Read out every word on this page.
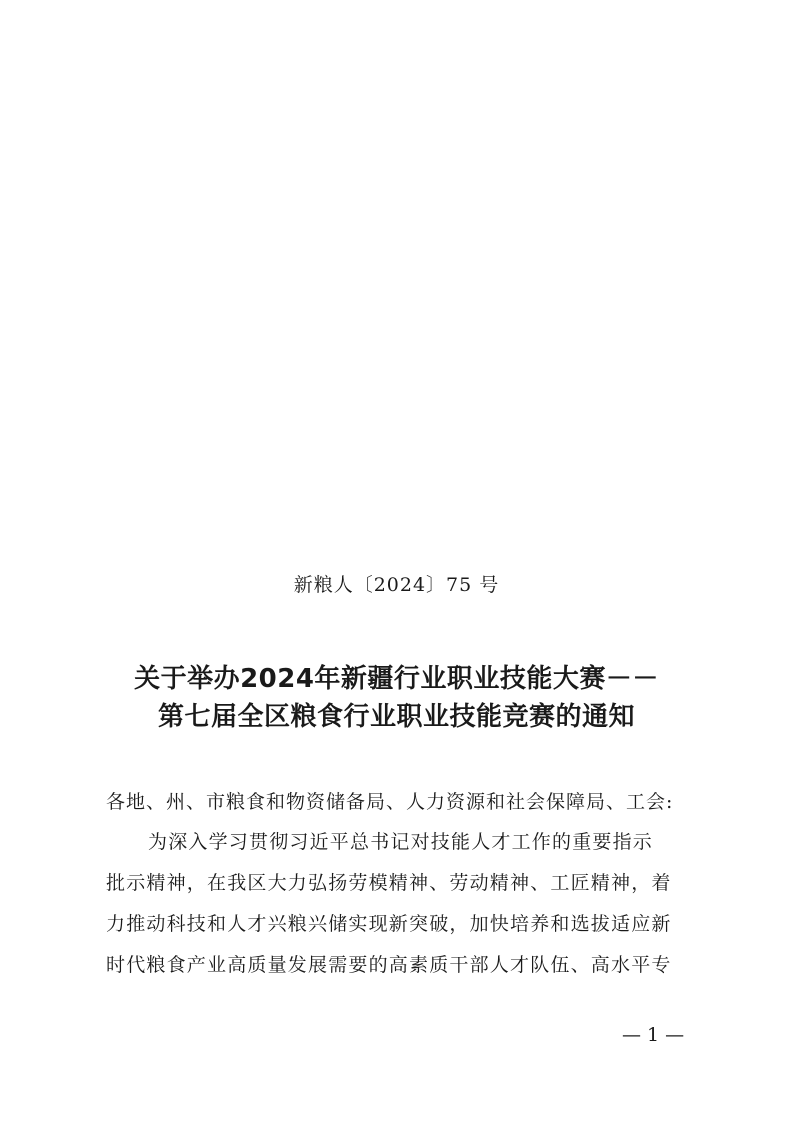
新粮人〔2024〕75 号
关于举办2024年新疆行业职业技能大赛－－
第七届全区粮食行业职业技能竞赛的通知
各地、州、市粮食和物资储备局、人力资源和社会保障局、工会:
为深入学习贯彻习近平总书记对技能人才工作的重要指示
批示精神，在我区大力弘扬劳模精神、劳动精神、工匠精神，着
力推动科技和人才兴粮兴储实现新突破，加快培养和选拔适应新
时代粮食产业高质量发展需要的高素质干部人才队伍、高水平专
— 1 —
